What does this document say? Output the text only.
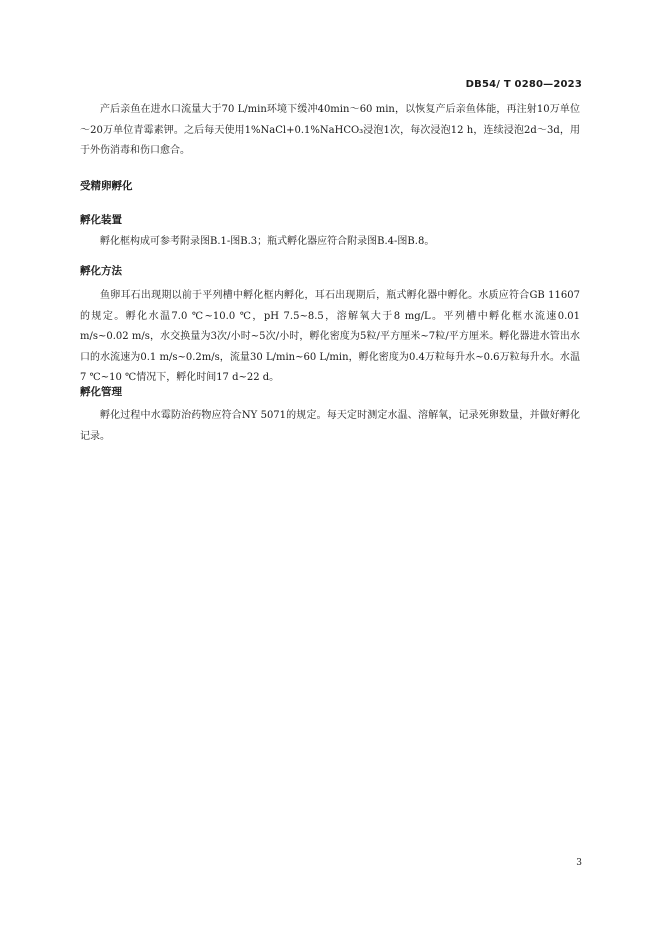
DB54/ T 0280—2023

产后亲鱼在进水口流量大于70 L/min环境下缓冲40min～60 min，以恢复产后亲鱼体能，再注射10万单位～20万单位青霉素钾。之后每天使用1%NaCl+0.1%NaHCO₃浸泡1次，每次浸泡12 h，连续浸泡2d～3d，用于外伤消毒和伤口愈合。

受精卵孵化
孵化装置

孵化框构成可参考附录图B.1-图B.3；瓶式孵化器应符合附录图B.4-图B.8。

孵化方法

鱼卵耳石出现期以前于平列槽中孵化框内孵化，耳石出现期后，瓶式孵化器中孵化。水质应符合GB 11607的规定。孵化水温7.0 ℃~10.0 ℃，pH 7.5~8.5，溶解氧大于8 mg/L。平列槽中孵化框水流速0.01 m/s~0.02 m/s，水交换量为3次/小时~5次/小时，孵化密度为5粒/平方厘米~7粒/平方厘米。孵化器进水管出水口的水流速为0.1 m/s~0.2m/s，流量30 L/min~60 L/min，孵化密度为0.4万粒每升水~0.6万粒每升水。水温7 ℃~10 ℃情况下，孵化时间17 d~22 d。

孵化管理

孵化过程中水霉防治药物应符合NY 5071的规定。每天定时测定水温、溶解氧，记录死卵数量，并做好孵化记录。

3
